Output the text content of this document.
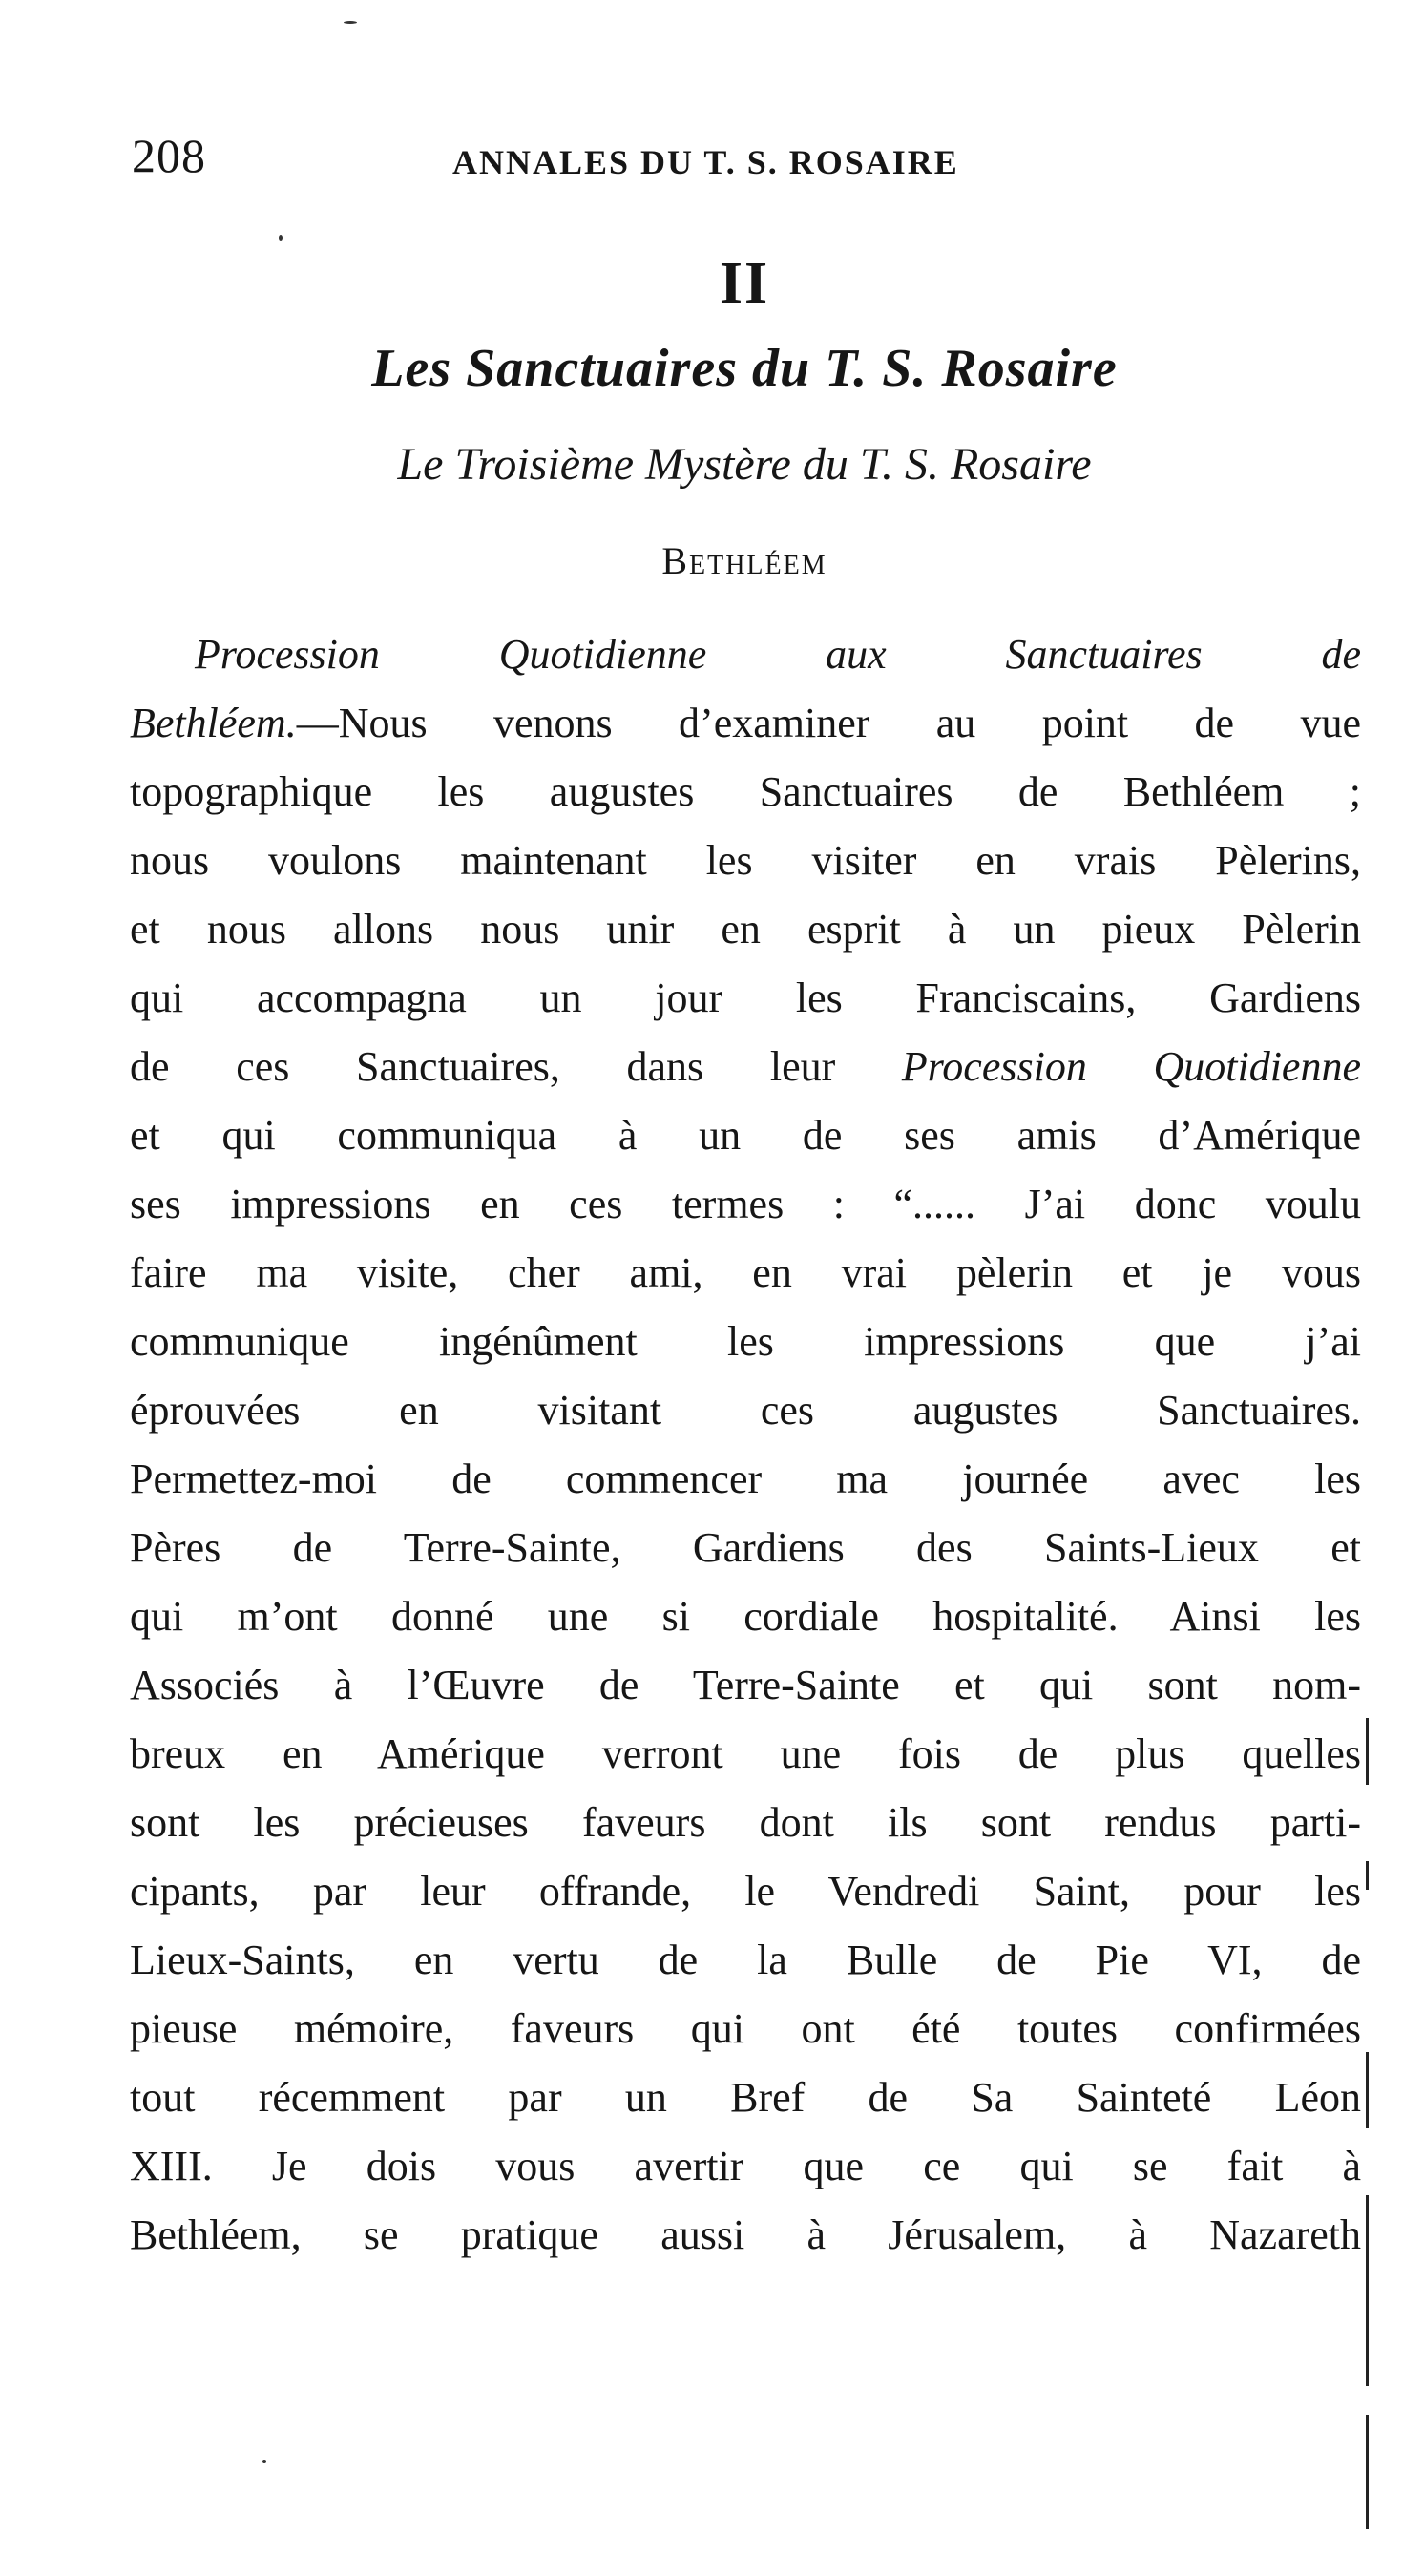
208	ANNALES DU T. S. ROSAIRE
II
Les Sanctuaires du T. S. Rosaire
Le Troisième Mystère du T. S. Rosaire
Bethléem
Procession Quotidienne aux Sanctuaires de
Bethléem.—Nous venons d’examiner au point de vue
topographique les augustes Sanctuaires de Bethléem ;
nous voulons maintenant les visiter en vrais Pèlerins,
et nous allons nous unir en esprit à un pieux Pèlerin
qui accompagna un jour les Franciscains, Gardiens
de ces Sanctuaires, dans leur Procession Quotidienne
et qui communiqua à un de ses amis d’Amérique
ses impressions en ces termes : “...... J’ai donc voulu
faire ma visite, cher ami, en vrai pèlerin et je vous
communique ingénûment les impressions que j’ai
éprouvées en visitant ces augustes Sanctuaires.
Permettez-moi de commencer ma journée avec les
Pères de Terre-Sainte, Gardiens des Saints-Lieux et
qui m’ont donné une si cordiale hospitalité. Ainsi les
Associés à l’Œuvre de Terre-Sainte et qui sont nom-
breux en Amérique verront une fois de plus quelles
sont les précieuses faveurs dont ils sont rendus parti-
cipants, par leur offrande, le Vendredi Saint, pour les
Lieux-Saints, en vertu de la Bulle de Pie VI, de
pieuse mémoire, faveurs qui ont été toutes confirmées
tout récemment par un Bref de Sa Sainteté Léon
XIII. Je dois vous avertir que ce qui se fait à
Bethléem, se pratique aussi à Jérusalem, à Nazareth
